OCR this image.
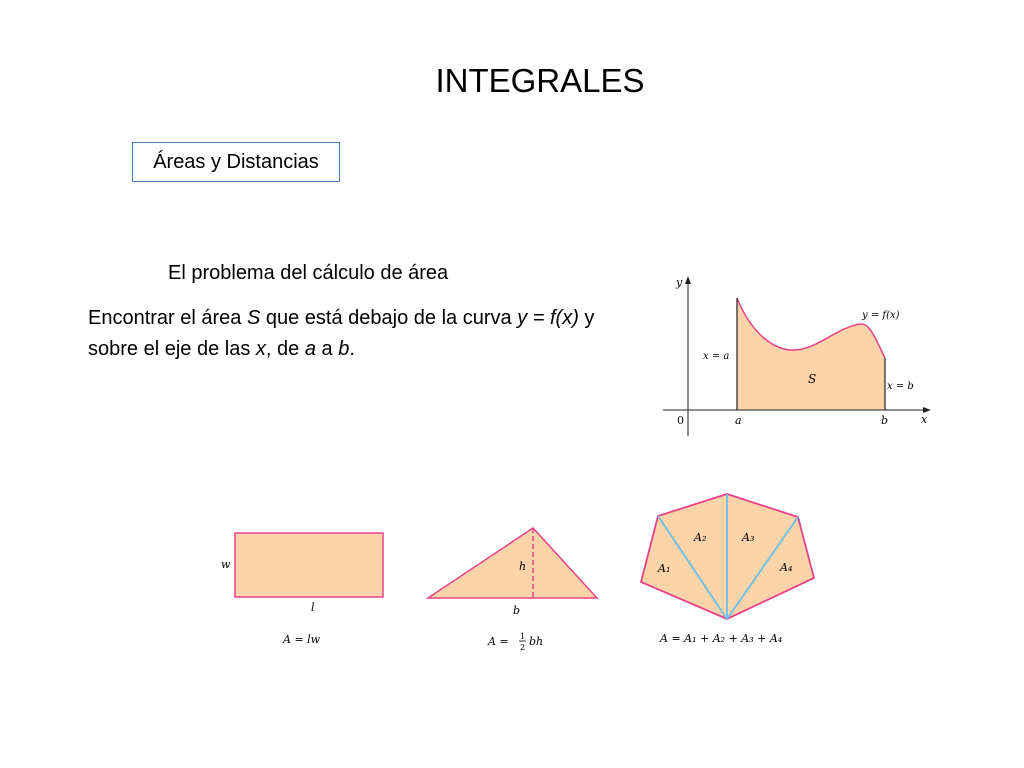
INTEGRALES
Áreas y Distancias
El problema del cálculo de área
Encontrar el área S que está debajo de la curva y = f(x) y sobre el eje de las x, de a a b.
y
x
0	a	b
y = f(x)
S
x = a
x = b
w
l
A = lw
h
b
A = 1
2 bh
A₁
A₂	A₃
A₄
A = A₁ + A₂ + A₃ + A₄
